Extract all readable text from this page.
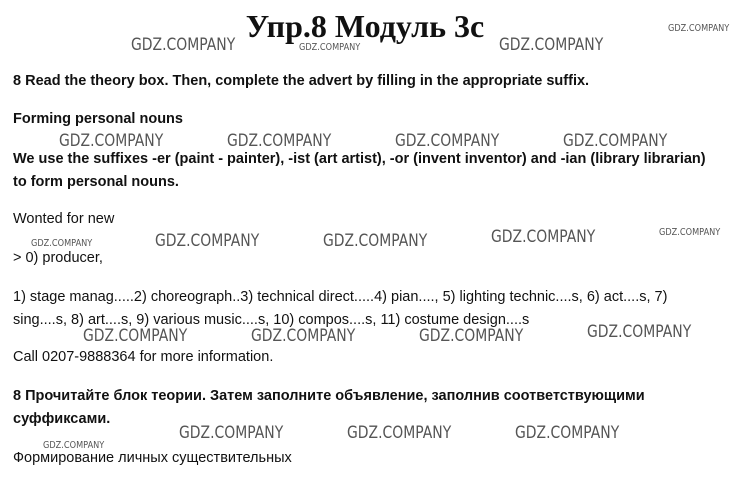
Упр.8 Модуль 3с

8 Read the theory box. Then, complete the advert by filling in the appropriate suffix.

Forming personal nouns

We use the suffixes -er (paint - painter), -ist (art artist), -or (invent inventor) and -ian (library librarian)

to form personal nouns.

Wonted for new

> 0) producer,

1) stage manag.....2) choreograph..3) technical direct.....4) pian...., 5) lighting technic....s, 6) act....s, 7)

sing....s, 8) art....s, 9) various music....s, 10) compos....s, 11) costume design....s

Call 0207-9888364 for more information.

8 Прочитайте блок теории. Затем заполните объявление, заполнив соответствующими

суффиксами.

Формирование личных существительных

GDZ.COMPANY	GDZ.COMPANY	GDZ.COMPANY
GDZ.COMPANY
GDZ.COMPANY	GDZ.COMPANY	GDZ.COMPANY	GDZ.COMPANY
GDZ.COMPANY	GDZ.COMPANY	GDZ.COMPANY	GDZ.COMPANY	GDZ.COMPANY
GDZ.COMPANY	GDZ.COMPANY	GDZ.COMPANY	GDZ.COMPANY
GDZ.COMPANY	GDZ.COMPANY	GDZ.COMPANY
GDZ.COMPANY
